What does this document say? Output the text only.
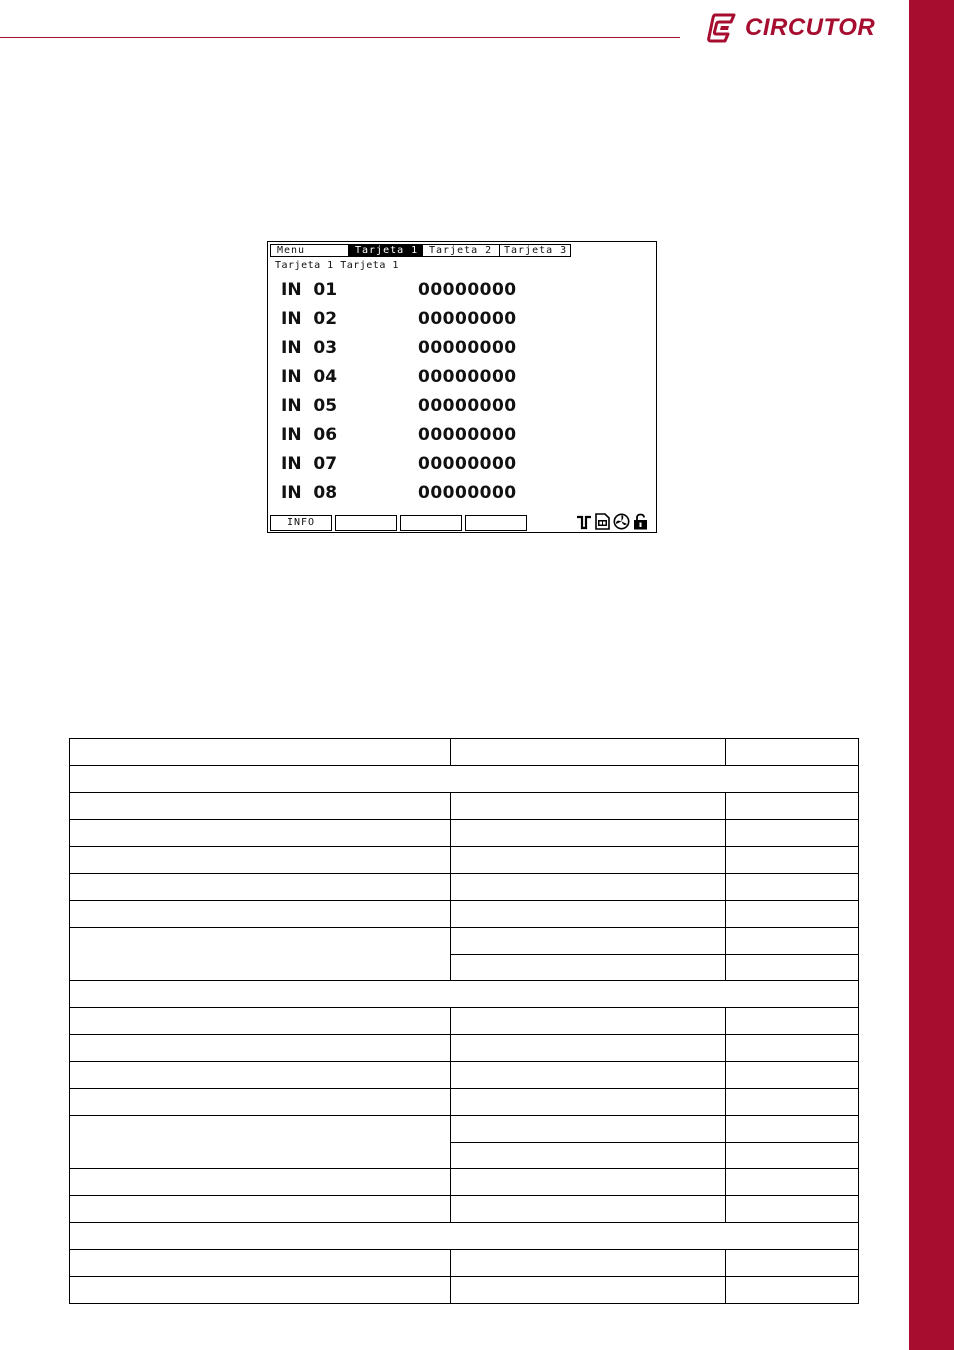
CIRCUTOR
Menu	Tarjeta 1	Tarjeta 2	Tarjeta 3
Tarjeta 1 Tarjeta 1
IN  01	00000000
IN  02	00000000
IN  03	00000000
IN  04	00000000
IN  05	00000000
IN  06	00000000
IN  07	00000000
IN  08	00000000
INFO
